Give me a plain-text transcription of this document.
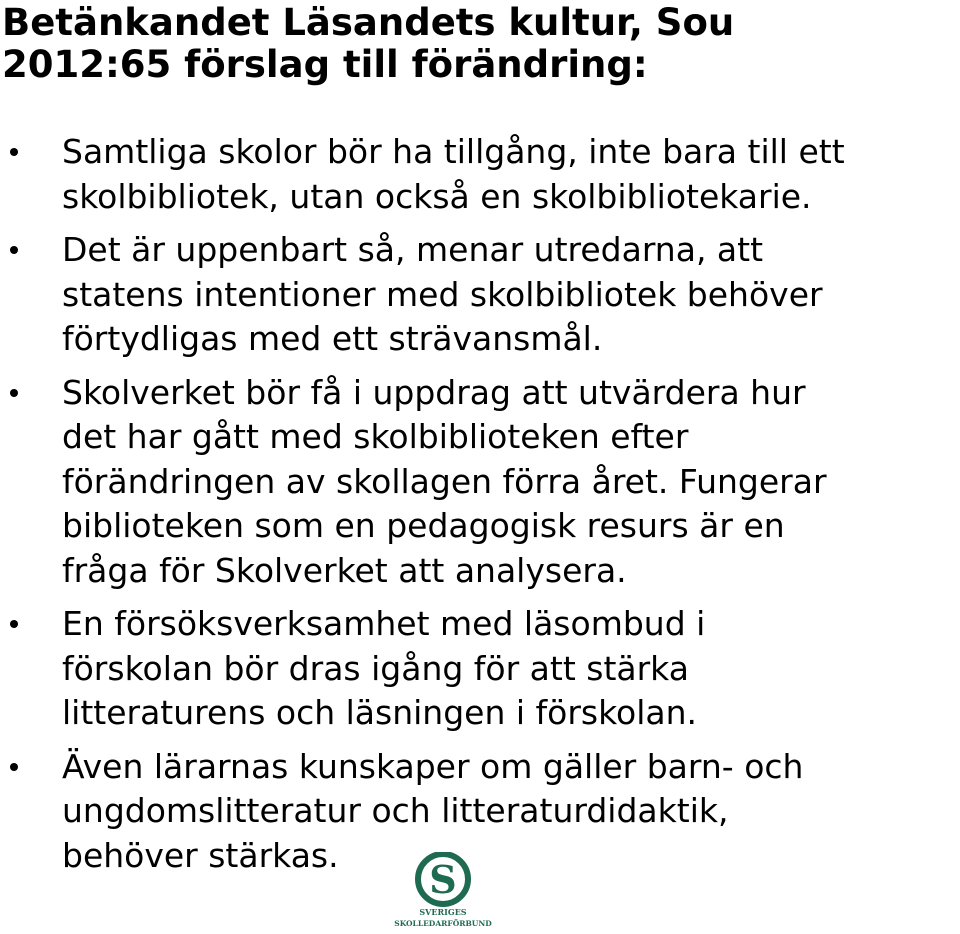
Betänkandet Läsandets kultur, Sou
2012:65 förslag till förändring:
Samtliga skolor bör ha tillgång, inte bara till ett
skolbibliotek, utan också en skolbibliotekarie.
Det är uppenbart så, menar utredarna, att
statens intentioner med skolbibliotek behöver
förtydligas med ett strävansmål.
Skolverket bör få i uppdrag att utvärdera hur
det har gått med skolbiblioteken efter
förändringen av skollagen förra året. Fungerar
biblioteken som en pedagogisk resurs är en
fråga för Skolverket att analysera.
En försöksverksamhet med läsombud i
förskolan bör dras igång för att stärka
litteraturens och läsningen i förskolan.
Även lärarnas kunskaper om gäller barn- och
ungdomslitteratur och litteraturdidaktik,
behöver stärkas.
S
SVERIGES
SKOLLEDARFÖRBUND
